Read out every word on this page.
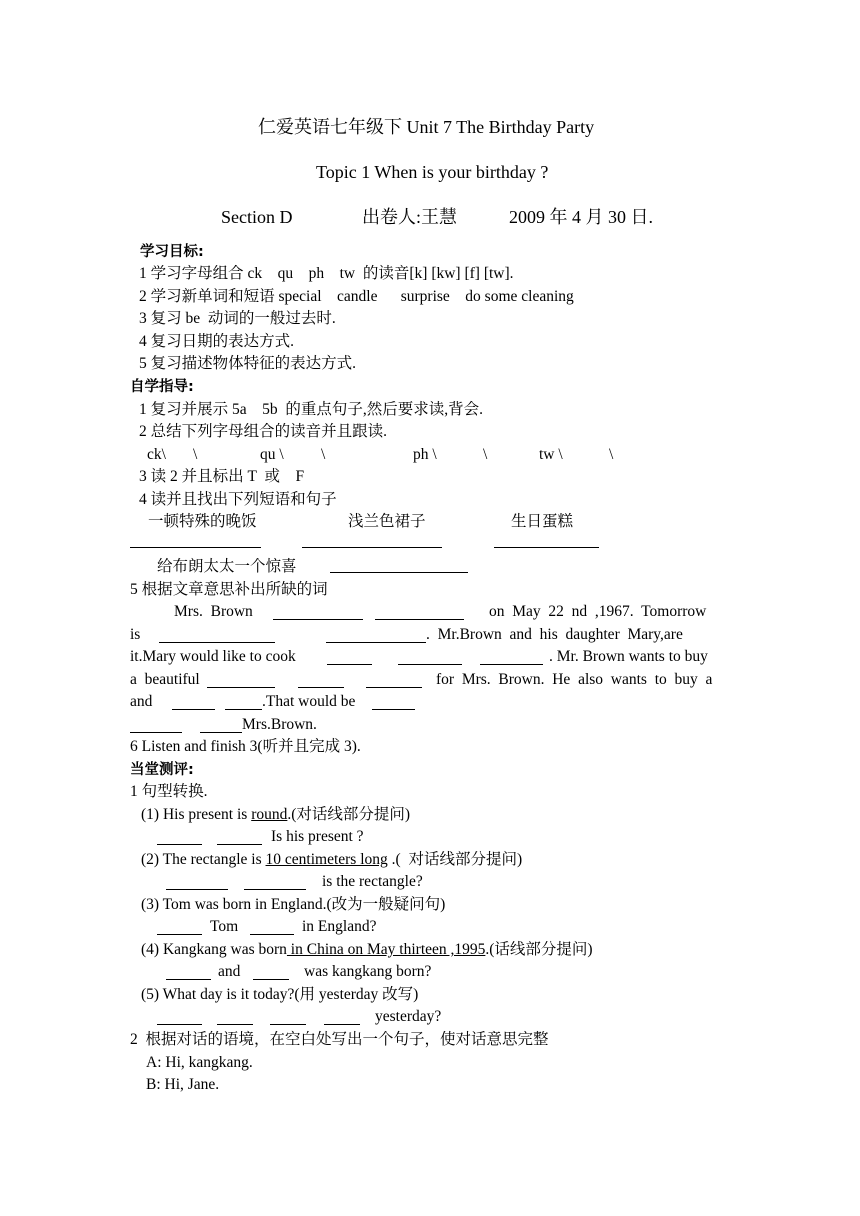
仁爱英语七年级下 Unit 7 The Birthday Party
Topic 1 When is your birthday ?
Section D	出卷人:王慧	2009 年 4 月 30 日.
学习目标:
1 学习字母组合 ck    qu    ph    tw  的读音[k] [kw] [f] [tw].
2 学习新单词和短语 special    candle      surprise    do some cleaning
3 复习 be  动词的一般过去时.
4 复习日期的表达方式.
5 复习描述物体特征的表达方式.
自学指导:
1 复习并展示 5a    5b  的重点句子,然后要求读,背会.
2 总结下列字母组合的读音并且跟读.
ck\ \	qu \ \	ph \	\	tw \	\
3 读 2 并且标出 T  或    F
4 读并且找出下列短语和句子
一顿特殊的晚饭	浅兰色裙子	生日蛋糕
给布朗太太一个惊喜
5 根据文章意思补出所缺的词
Mrs.  Brown	on  May  22  nd  ,1967.  Tomorrow
is	.  Mr.Brown  and  his  daughter  Mary,are
it.Mary would like to cook	. Mr. Brown wants to buy
a  beautiful	for  Mrs.  Brown.  He  also  wants  to  buy  a
and	.That would be
Mrs.Brown.
6 Listen and finish 3(听并且完成 3).
当堂测评:
1 句型转换.
(1) His present is round.(对话线部分提问)
Is his present ?
(2) The rectangle is 10 centimeters long .(  对话线部分提问)
is the rectangle?
(3) Tom was born in England.(改为一般疑问句)
Tom	in England?
(4) Kangkang was born in China on May thirteen ,1995.(话线部分提问)
and	was kangkang born?
(5) What day is it today?(用 yesterday 改写)
yesterday?
2  根据对话的语境，在空白处写出一个句子，使对话意思完整
A: Hi, kangkang.
B: Hi, Jane.
